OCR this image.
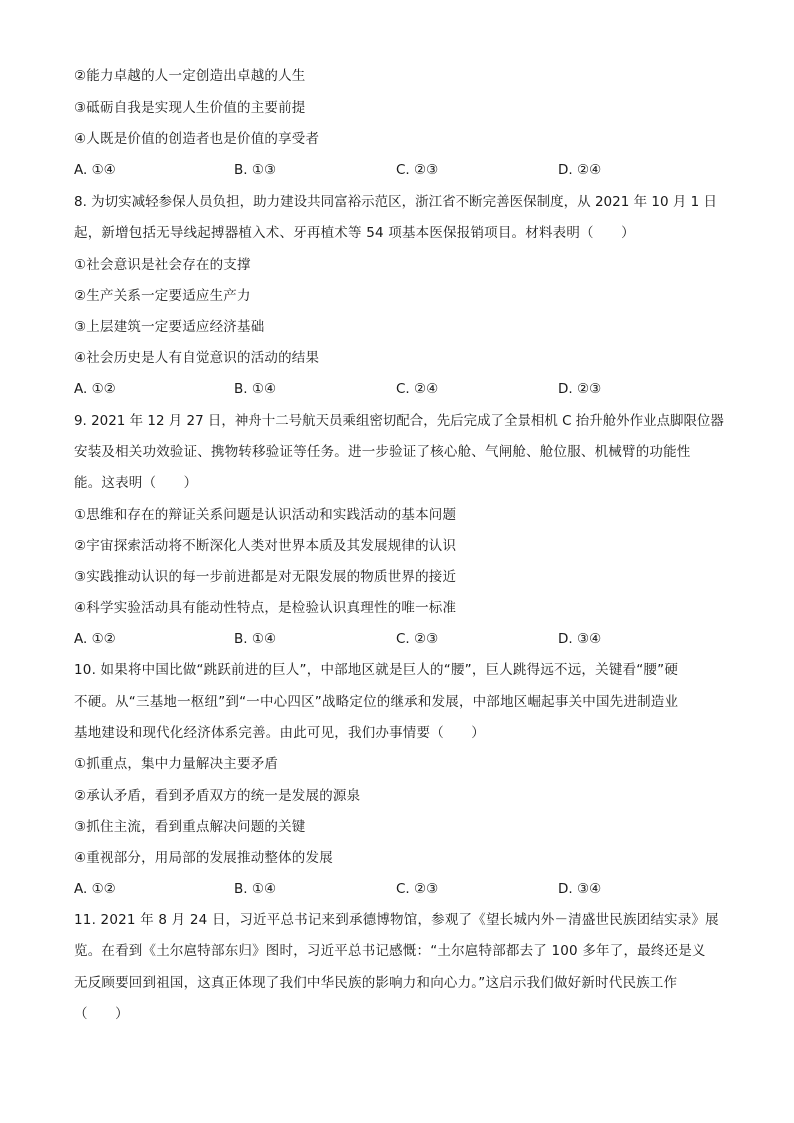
②能力卓越的人一定创造出卓越的人生
③砥砺自我是实现人生价值的主要前提
④人既是价值的创造者也是价值的享受者
A. ①④	B. ①③	C. ②③	D. ②④
8. 为切实减轻参保人员负担，助力建设共同富裕示范区，浙江省不断完善医保制度，从 2021 年 10 月 1 日
起，新增包括无导线起搏器植入术、牙再植术等 54 项基本医保报销项目。材料表明（　　）
①社会意识是社会存在的支撑
②生产关系一定要适应生产力
③上层建筑一定要适应经济基础
④社会历史是人有自觉意识的活动的结果
A. ①②	B. ①④	C. ②④	D. ②③
9. 2021 年 12 月 27 日，神舟十二号航天员乘组密切配合，先后完成了全景相机 C 抬升舱外作业点脚限位器
安装及相关功效验证、携物转移验证等任务。进一步验证了核心舱、气闸舱、舱位服、机械臂的功能性
能。这表明（　　）
①思维和存在的辩证关系问题是认识活动和实践活动的基本问题
②宇宙探索活动将不断深化人类对世界本质及其发展规律的认识
③实践推动认识的每一步前进都是对无限发展的物质世界的接近
④科学实验活动具有能动性特点，是检验认识真理性的唯一标准
A. ①②	B. ①④	C. ②③	D. ③④
10. 如果将中国比做“跳跃前进的巨人”，中部地区就是巨人的“腰”，巨人跳得远不远，关键看“腰”硬
不硬。从“三基地一枢纽”到“一中心四区”战略定位的继承和发展，中部地区崛起事关中国先进制造业
基地建设和现代化经济体系完善。由此可见，我们办事情要（　　）
①抓重点，集中力量解决主要矛盾
②承认矛盾，看到矛盾双方的统一是发展的源泉
③抓住主流，看到重点解决问题的关键
④重视部分，用局部的发展推动整体的发展
A. ①②	B. ①④	C. ②③	D. ③④
11. 2021 年 8 月 24 日，习近平总书记来到承德博物馆，参观了《望长城内外－清盛世民族团结实录》展
览。在看到《土尔扈特部东归》图时，习近平总书记感慨：“土尔扈特部都去了 100 多年了，最终还是义
无反顾要回到祖国，这真正体现了我们中华民族的影响力和向心力。”这启示我们做好新时代民族工作
（　　）
